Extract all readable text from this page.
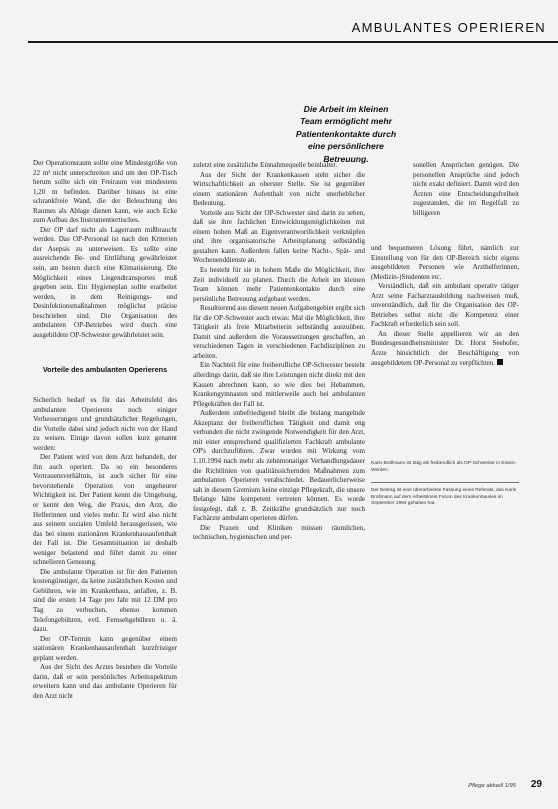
AMBULANTES OPERIEREN
Die Arbeit im kleinen Team ermöglicht mehr Patientenkontakte durch eine persönlichere Betreuung.

Der Operationsraum sollte eine Mindestgröße von 22 m² nicht unterschreiten und um den OP-Tisch herum sollte sich ein Freiraum von mindestens 1,20 m befinden. Darüber hinaus ist eine schrankfreie Wand, die der Beleuchtung des Raumes als Ablage dienen kann, wie auch Ecke zum Aufbau des Instrumentiertisches.

Der OP darf nicht als Lagerraum mißbraucht werden. Das OP-Personal ist nach den Kriterien der Asepsis zu unterweisen. Es sollte eine ausreichende Be- und Entlüftung gewährleistet sein, am besten durch eine Klimatisierung. Die Möglichkeit eines Liegendtransportes muß gegeben sein. Ein Hygieneplan sollte erarbeitet werden, in dem Reinigungs- und Desinfektionsmaßnahmen möglichst präzise beschrieben sind. Die Organisation des ambulanten OP-Betriebes wird durch eine ausgebildete OP-Schwester gewährleistet sein.

Vorteile des ambulanten Operierens

Sicherlich bedarf es für das Arbeitsfeld des ambulanten Operierens noch einiger Verbesserungen und grundsätzlicher Regelungen, die Vorteile dabei sind jedoch nicht von der Hand zu weisen. Einige davon sollen kurz genannt werden:

Der Patient wird von dem Arzt behandelt, der ihn auch operiert. Da so ein besonderes Vertrauensverhältnis, ist auch sicher für eine bevorstehende Operation von ungeheurer Wichtigkeit ist. Der Patient kennt die Umgebung, er kennt den Weg, die Praxis, den Arzt, die Helferinnen und vieles mehr. Er wird also nicht aus seinem sozialen Umfeld herausgerissen, wie das bei einem stationären Krankenhausaufenthalt der Fall ist. Die Gesamtsituation ist deshalb weniger belastend und führt damit zu einer schnelleren Genesung.

Die ambulante Operation ist für den Patienten kostengünstiger, da keine zusätzlichen Kosten und Gebühren, wie im Krankenhaus, anfallen, z. B. sind die ersten 14 Tage pro Jahr mit 12 DM pro Tag zu verbuchen, ebenso kommen Telefongebühren, evtl. Fernsehgebühren u. ä. dazu.

Der OP-Termin kann gegenüber einem stationären Krankenhausaufenthalt kurzfristiger geplant werden.

Aus der Sicht des Arztes bestehen die Vorteile darin, daß er sein persönliches Arbeitsspektrum erweitern kann und das ambulante Operieren für den Arzt nicht

zuletzt eine zusätzliche Einnahmequelle beinhaltet.

Aus der Sicht der Krankenkassen steht sicher die Wirtschaftlichkeit an oberster Stelle. Sie ist gegenüber einem stationären Aufenthalt von nicht unerheblicher Bedeutung.

Vorteile aus Sicht der OP-Schwester sind darin zu sehen, daß sie ihre fachlichen Entwicklungsmöglichkeiten mit einem hohen Maß an Eigenverantwortlichkeit verknüpfen und ihre organisatorische Arbeitsplanung selbständig gestalten kann. Außerdem fallen keine Nacht-, Spät- und Wochenenddienste an.

Es besteht für sie in hohem Maße die Möglichkeit, ihre Zeit individuell zu planen. Durch die Arbeit im kleinen Team können mehr Patientenkontakte durch eine persönliche Betreuung aufgebaut werden.

Resultierend aus diesem neuen Aufgabengebiet ergibt sich für die OP-Schwester auch etwas: Mal die Möglichkeit, ihre Tätigkeit als freie Mitarbeiterin selbständig auszuüben. Damit sind außerdem die Voraussetzungen geschaffen, an verschiedenen Tagen in verschiedenen Fachdisziplinen zu arbeiten.

Ein Nachteil für eine freiberufliche OP-Schwester besteht allerdings darin, daß sie ihre Leistungen nicht direkt mit den Kassen abrechnen kann, so wie dies bei Hebammen, Krankengymnasten und mittlerweile auch bei ambulanten Pflegekräften der Fall ist.

Außerdem unbefriedigend bleibt die bislang mangelnde Akzeptanz der freiberuflichen Tätigkeit und damit eng verbunden die nicht zwingende Notwendigkeit für den Arzt, mit einer entsprechend qualifizierten Fachkraft ambulante OP's durchzuführen. Zwar wurden mit Wirkung vom 1.10.1994 nach mehr als zehnmonatiger Verhandlungsdauer die Richtlinien von qualitätssichernden Maßnahmen zum ambulanten Operieren verabschiedet. Bedauerlicherweise sah in diesem Gremium keine einzige Pflegekraft, die unsere Belange hätte kompetent vertreten können. Es wurde festgelegt, daß z. B. Zeitkräfte grundsätzlich nur noch Fachärzte ambulant operieren dürfen.

Die Praxen und Kliniken müssen räumlichen, technischen, hygienischen und per-

sonellen Ansprüchen genügen. Die personellen Ansprüche sind jedoch nicht exakt definiert. Damit wird den Ärzten eine Entscheidungsfreiheit zugestanden, die im Regelfall zu billigeren

und bequemeren Lösung führt, nämlich zur Einstellung von für den OP-Bereich nicht eigens ausgebildeten Personen wie Arzthelferinnen, (Medizin-)Studenten etc.

Verständlich, daß ein ambulant operativ tätiger Arzt seine Facharztausbildung nachweisen muß, unverständlich, daß für die Organisation des OP-Betriebes selbst nicht die Kompetenz einer Fachkraft erforderlich sein soll.

An dieser Stelle appellieren wir an den Bundesgesundheitsminister Dr. Horst Seehofer, Ärzte hinsichtlich der Beschäftigung von ausgebildetem OP-Personal zu verpflichten.

Karin Brollmann ist tätig als freiberuflich als OP-Schwester in Essen-Werden.
Der Beitrag ist eine überarbeitete Fassung eines Referats, das Karin Brollmann auf dem Arbeitskreis Forum des Krankenhauses im September 1994 gehalten hat.
Pflege aktuell 1/95 29
